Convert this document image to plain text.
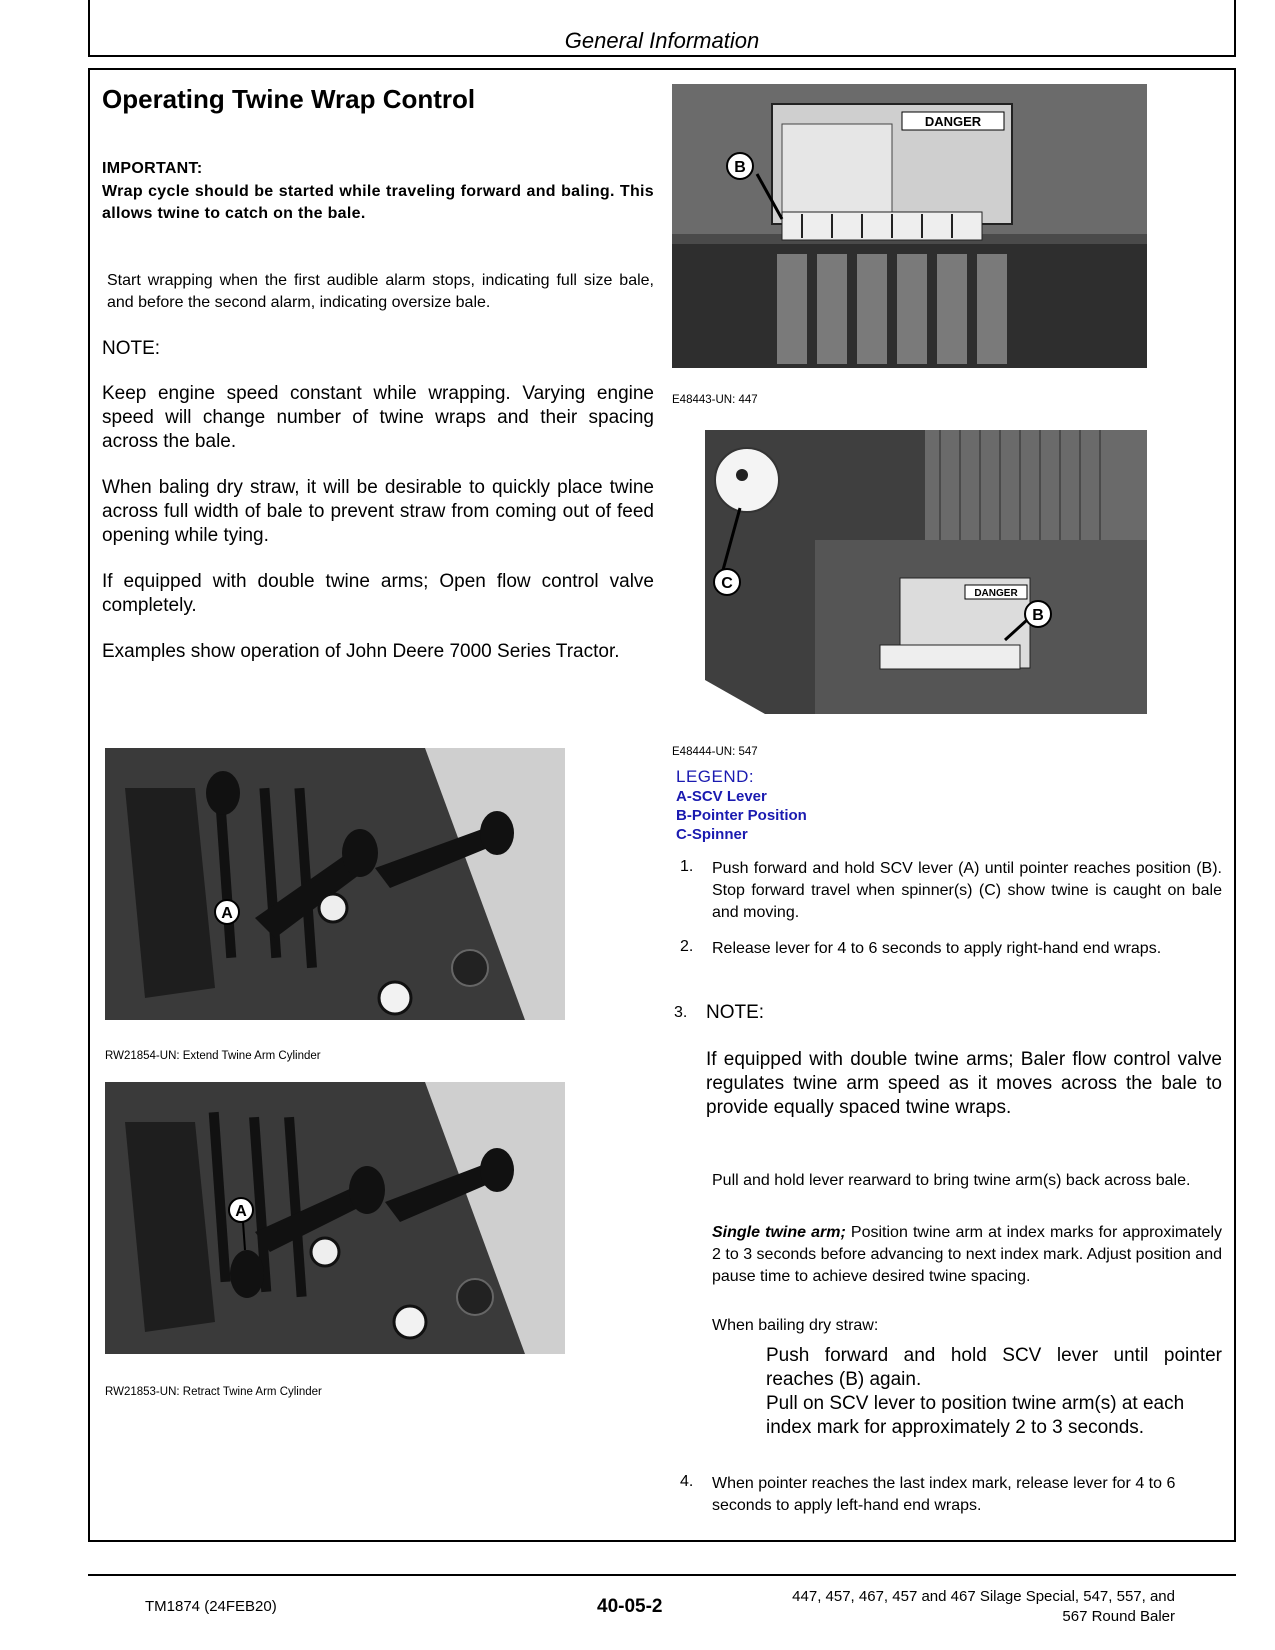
General Information
Operating Twine Wrap Control
IMPORTANT:
Wrap cycle should be started while traveling forward and baling. This allows twine to catch on the bale.
Start wrapping when the first audible alarm stops, indicating full size bale, and before the second alarm, indicating oversize bale.
NOTE:
Keep engine speed constant while wrapping. Varying engine speed will change number of twine wraps and their spacing across the bale.
When baling dry straw, it will be desirable to quickly place twine across full width of bale to prevent straw from coming out of feed opening while tying.
If equipped with double twine arms; Open flow control valve completely.
Examples show operation of John Deere 7000 Series Tractor.
DANGER
B
E48443-UN: 447
DANGER
C
B
E48444-UN: 547
LEGEND:
A-SCV Lever
B-Pointer Position
C-Spinner
A
RW21854-UN: Extend Twine Arm Cylinder
A
RW21853-UN: Retract Twine Arm Cylinder
1. Push forward and hold SCV lever (A) until pointer reaches position (B). Stop forward travel when spinner(s) (C) show twine is caught on bale and moving.
2. Release lever for 4 to 6 seconds to apply right-hand end wraps.
3. NOTE:
If equipped with double twine arms; Baler flow control valve regulates twine arm speed as it moves across the bale to provide equally spaced twine wraps.
Pull and hold lever rearward to bring twine arm(s) back across bale.
Single twine arm; Position twine arm at index marks for approximately 2 to 3 seconds before advancing to next index mark. Adjust position and pause time to achieve desired twine spacing.
When bailing dry straw:
Push forward and hold SCV lever until pointer reaches (B) again.
Pull on SCV lever to position twine arm(s) at each index mark for approximately 2 to 3 seconds.
4. When pointer reaches the last index mark, release lever for 4 to 6 seconds to apply left-hand end wraps.
TM1874 (24FEB20)	40-05-2	447, 457, 467, 457 and 467 Silage Special, 547, 557, and
567 Round Baler
